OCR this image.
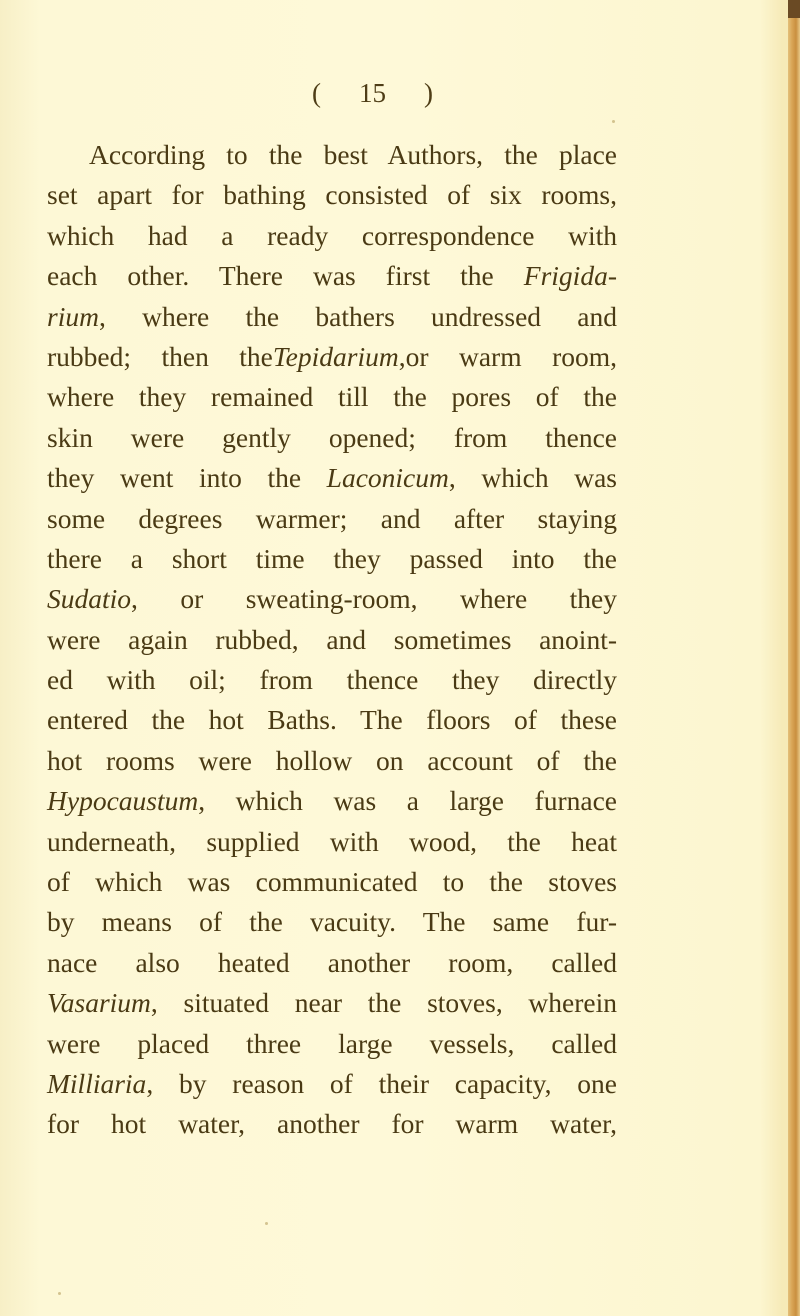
( 15 )
According to the best Authors, the place
set apart for bathing consisted of six rooms,
which had a ready correspondence with
each other. There was first the Frigida-
rium, where the bathers undressed and
rubbed; then theTepidarium,or warm room,
where they remained till the pores of the
skin were gently opened; from thence
they went into the Laconicum, which was
some degrees warmer; and after staying
there a short time they passed into the
Sudatio, or sweating-room, where they
were again rubbed, and sometimes anoint-
ed with oil; from thence they directly
entered the hot Baths. The floors of these
hot rooms were hollow on account of the
Hypocaustum, which was a large furnace
underneath, supplied with wood, the heat
of which was communicated to the stoves
by means of the vacuity. The same fur-
nace also heated another room, called
Vasarium, situated near the stoves, wherein
were placed three large vessels, called
Milliaria, by reason of their capacity, one
for hot water, another for warm water,
